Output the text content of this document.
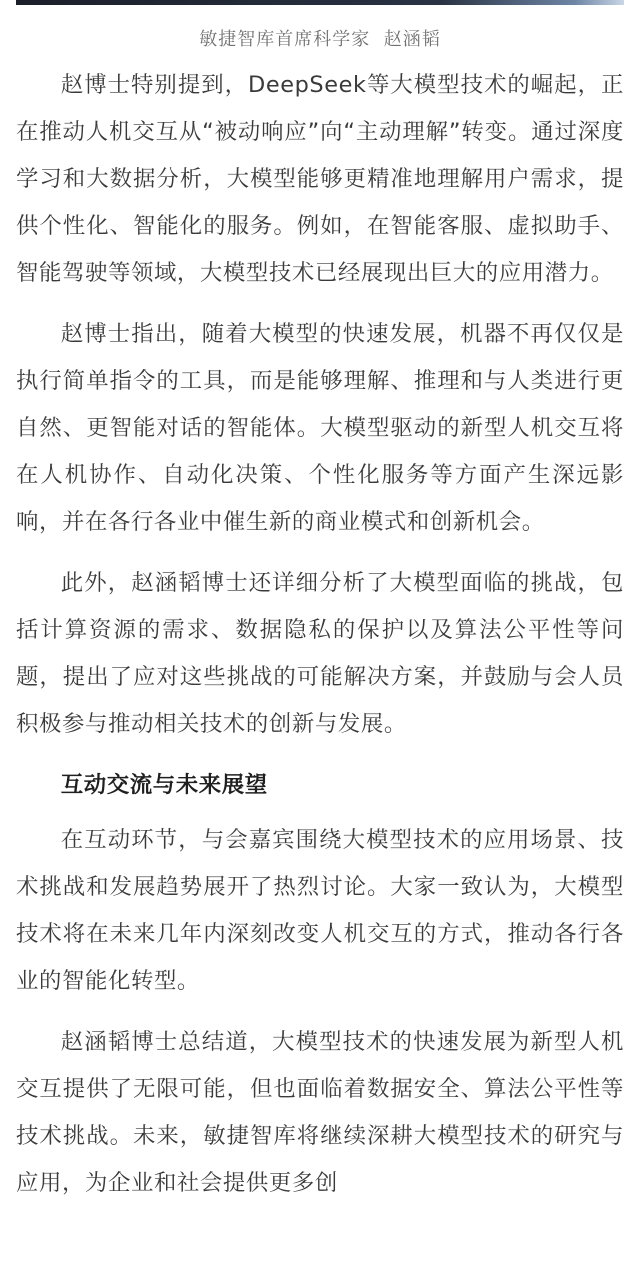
敏捷智库首席科学家  赵涵韬

赵博士特别提到，DeepSeek等大模型技术的崛起，正在推动人机交互从“被动响应”向“主动理解”转变。通过深度学习和大数据分析，大模型能够更精准地理解用户需求，提供个性化、智能化的服务。例如，在智能客服、虚拟助手、智能驾驶等领域，大模型技术已经展现出巨大的应用潜力。

赵博士指出，随着大模型的快速发展，机器不再仅仅是执行简单指令的工具，而是能够理解、推理和与人类进行更自然、更智能对话的智能体。大模型驱动的新型人机交互将在人机协作、自动化决策、个性化服务等方面产生深远影响，并在各行各业中催生新的商业模式和创新机会。

此外，赵涵韬博士还详细分析了大模型面临的挑战，包括计算资源的需求、数据隐私的保护以及算法公平性等问题，提出了应对这些挑战的可能解决方案，并鼓励与会人员积极参与推动相关技术的创新与发展。

互动交流与未来展望

在互动环节，与会嘉宾围绕大模型技术的应用场景、技术挑战和发展趋势展开了热烈讨论。大家一致认为，大模型技术将在未来几年内深刻改变人机交互的方式，推动各行各业的智能化转型。

赵涵韬博士总结道，大模型技术的快速发展为新型人机交互提供了无限可能，但也面临着数据安全、算法公平性等技术挑战。未来，敏捷智库将继续深耕大模型技术的研究与应用，为企业和社会提供更多创
